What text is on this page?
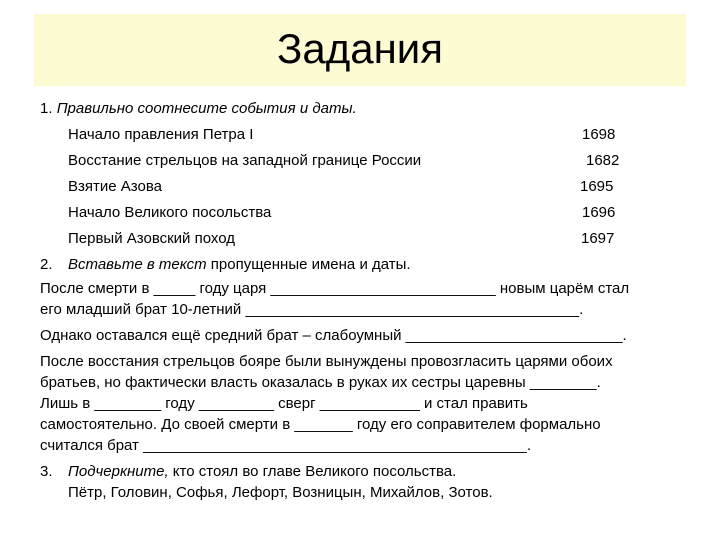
Задания
1. Правильно соотнесите события и даты.
Начало правления Петра I	1698
Восстание стрельцов на западной границе России	1682
Взятие Азова	1695
Начало Великого посольства	1696
Первый Азовский поход	1697
2. Вставьте в текст пропущенные имена и даты.
После смерти в _____ году царя ___________________________ новым царём стал
его младший брат 10-летний ________________________________________.
Однако оставался ещё средний брат – слабоумный __________________________.
После восстания стрельцов бояре были вынуждены провозгласить царями обоих
братьев, но фактически власть оказалась в руках их сестры царевны ________.
Лишь в ________ году _________ сверг ____________ и стал править
самостоятельно. До своей смерти в _______ году его соправителем формально
считался брат ______________________________________________.
3. Подчеркните, кто стоял во главе Великого посольства.
Пётр, Головин, Софья, Лефорт, Возницын, Михайлов, Зотов.
